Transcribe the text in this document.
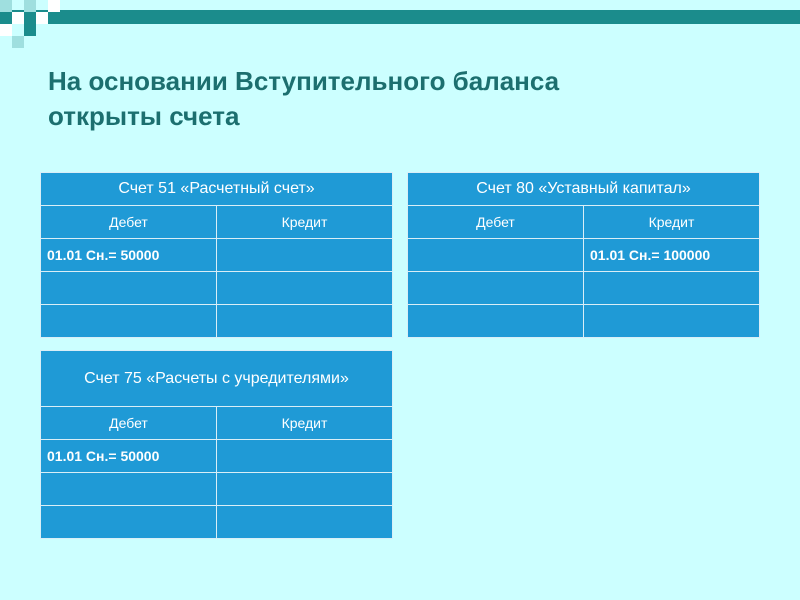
На основании Вступительного баланса
открыты счета
Счет 51 «Расчетный счет»	
Дебет	Кредит
01.01 Сн.= 50000	

Счет 80 «Уставный капитал»	
Дебет	Кредит
	01.01 Сн.= 100000

Счет 75 «Расчеты с учредителями»	
Дебет	Кредит
01.01 Сн.= 50000	
